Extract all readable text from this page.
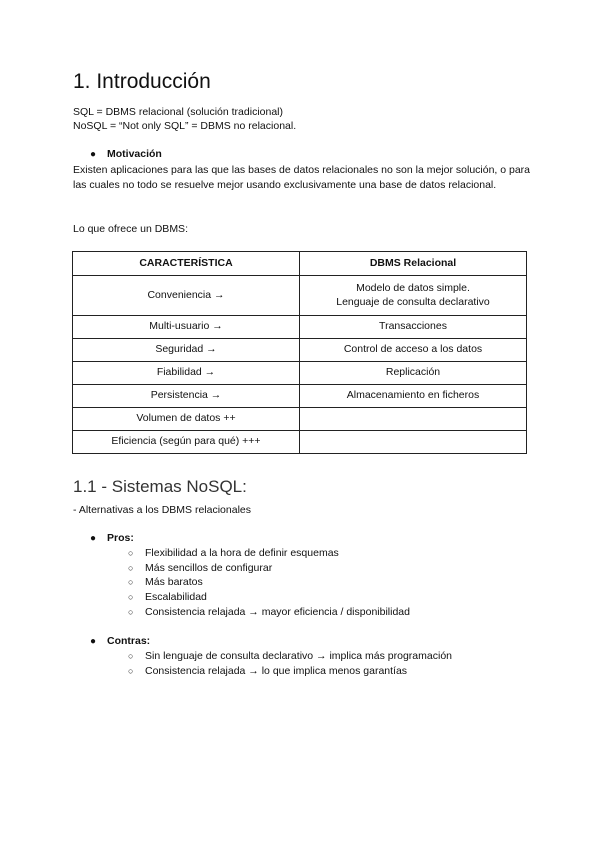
1. Introducción

SQL = DBMS relacional (solución tradicional)

NoSQL = “Not only SQL” = DBMS no relacional.

● Motivación

Existen aplicaciones para las que las bases de datos relacionales no son la mejor solución, o para las cuales no todo se resuelve mejor usando exclusivamente una base de datos relacional.

Lo que ofrece un DBMS:

CARACTERÍSTICA	DBMS Relacional
Conveniencia →	Modelo de datos simple.
Lenguaje de consulta declarativo
Multi-usuario →	Transacciones
Seguridad →	Control de acceso a los datos
Fiabilidad →	Replicación
Persistencia →	Almacenamiento en ficheros
Volumen de datos ++	
Eficiencia (según para qué) +++	
1.1 - Sistemas NoSQL:

- Alternativas a los DBMS relacionales

● Pros:
○ Flexibilidad a la hora de definir esquemas
○ Más sencillos de configurar
○ Más baratos
○ Escalabilidad
○ Consistencia relajada → mayor eficiencia / disponibilidad
● Contras:
○ Sin lenguaje de consulta declarativo → implica más programación
○ Consistencia relajada → lo que implica menos garantías
